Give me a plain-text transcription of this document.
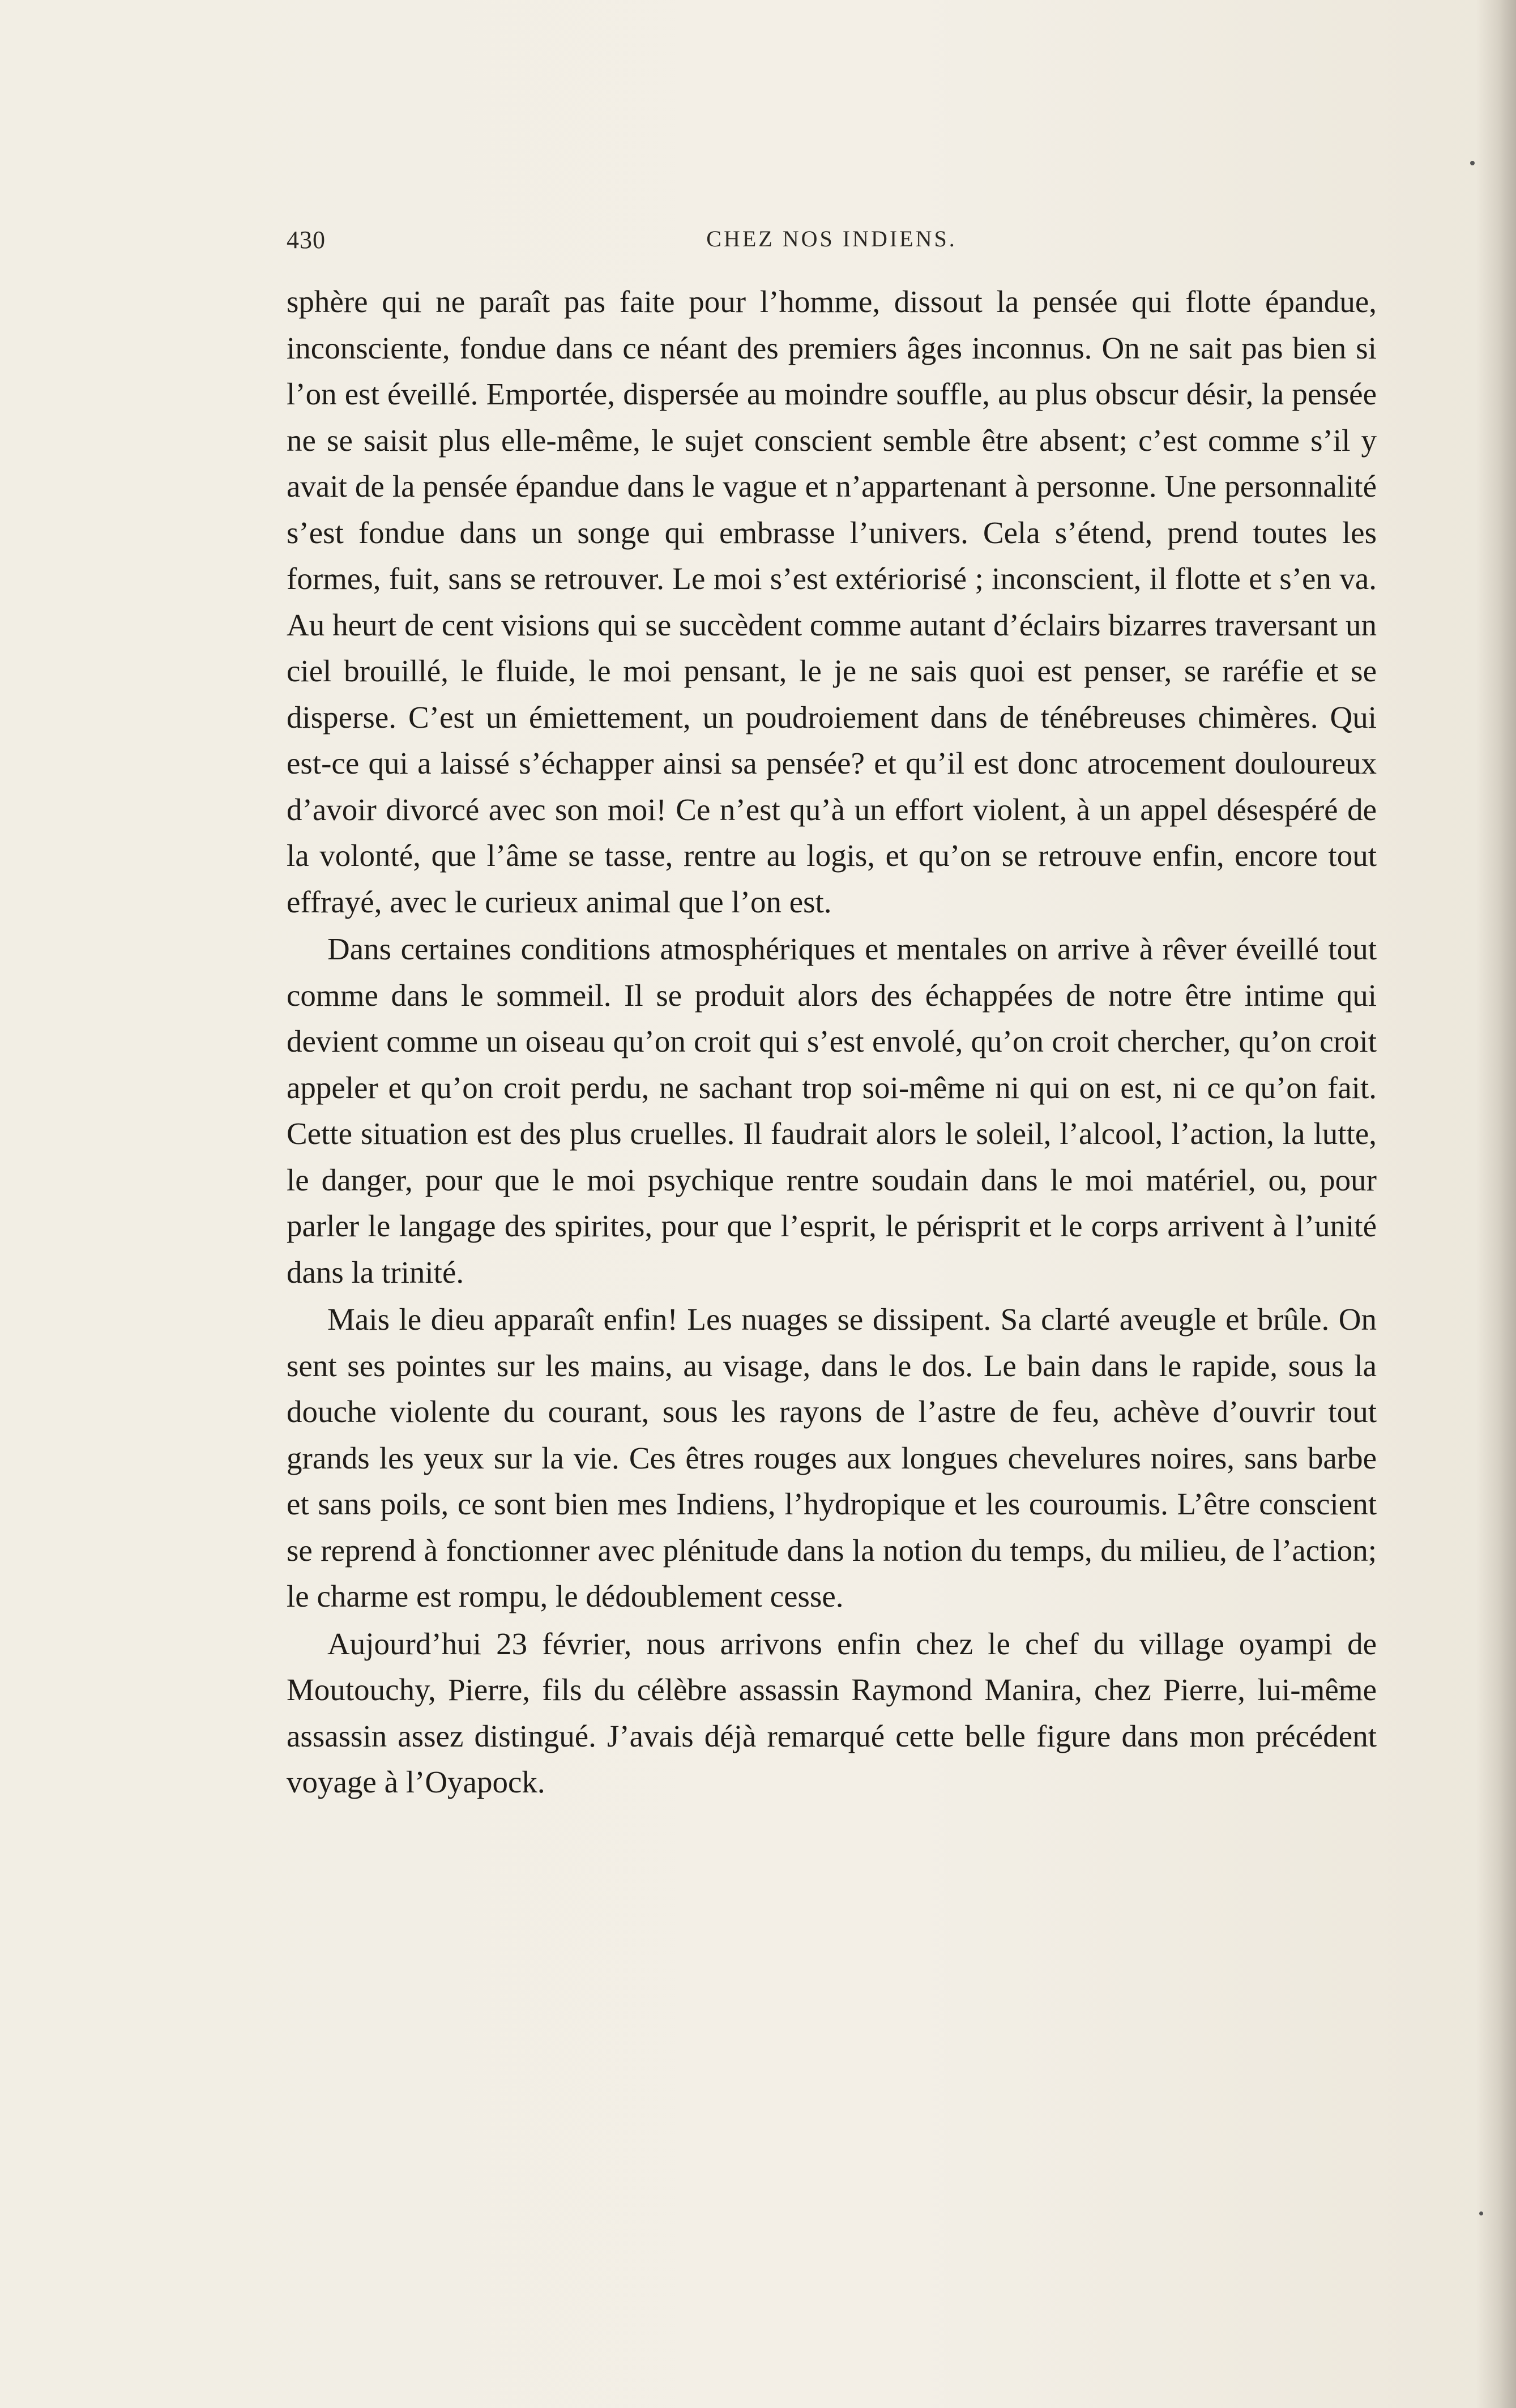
430	CHEZ NOS INDIENS.

sphère qui ne paraît pas faite pour l’homme, dissout la pensée qui flotte épandue, inconsciente, fondue dans ce néant des premiers âges inconnus. On ne sait pas bien si l’on est éveillé. Emportée, dispersée au moindre souffle, au plus obscur désir, la pensée ne se saisit plus elle-même, le sujet conscient semble être absent; c’est comme s’il y avait de la pensée épandue dans le vague et n’appartenant à personne. Une personnalité s’est fondue dans un songe qui embrasse l’univers. Cela s’étend, prend toutes les formes, fuit, sans se retrouver. Le moi s’est extériorisé ; inconscient, il flotte et s’en va. Au heurt de cent visions qui se succèdent comme autant d’éclairs bizarres traversant un ciel brouillé, le fluide, le moi pensant, le je ne sais quoi est penser, se raréfie et se disperse. C’est un émiettement, un poudroiement dans de ténébreuses chimères. Qui est-ce qui a laissé s’échapper ainsi sa pensée? et qu’il est donc atrocement douloureux d’avoir divorcé avec son moi! Ce n’est qu’à un effort violent, à un appel désespéré de la volonté, que l’âme se tasse, rentre au logis, et qu’on se retrouve enfin, encore tout effrayé, avec le curieux animal que l’on est.

Dans certaines conditions atmosphériques et mentales on arrive à rêver éveillé tout comme dans le sommeil. Il se produit alors des échappées de notre être intime qui devient comme un oiseau qu’on croit qui s’est envolé, qu’on croit chercher, qu’on croit appeler et qu’on croit perdu, ne sachant trop soi-même ni qui on est, ni ce qu’on fait. Cette situation est des plus cruelles. Il faudrait alors le soleil, l’alcool, l’action, la lutte, le danger, pour que le moi psychique rentre soudain dans le moi matériel, ou, pour parler le langage des spirites, pour que l’esprit, le périsprit et le corps arrivent à l’unité dans la trinité.

Mais le dieu apparaît enfin! Les nuages se dissipent. Sa clarté aveugle et brûle. On sent ses pointes sur les mains, au visage, dans le dos. Le bain dans le rapide, sous la douche violente du courant, sous les rayons de l’astre de feu, achève d’ouvrir tout grands les yeux sur la vie. Ces êtres rouges aux longues chevelures noires, sans barbe et sans poils, ce sont bien mes Indiens, l’hydropique et les couroumis. L’être conscient se reprend à fonctionner avec plénitude dans la notion du temps, du milieu, de l’action; le charme est rompu, le dédoublement cesse.

Aujourd’hui 23 février, nous arrivons enfin chez le chef du village oyampi de Moutouchy, Pierre, fils du célèbre assassin Raymond Manira, chez Pierre, lui-même assassin assez distingué. J’avais déjà remarqué cette belle figure dans mon précédent voyage à l’Oyapock.
